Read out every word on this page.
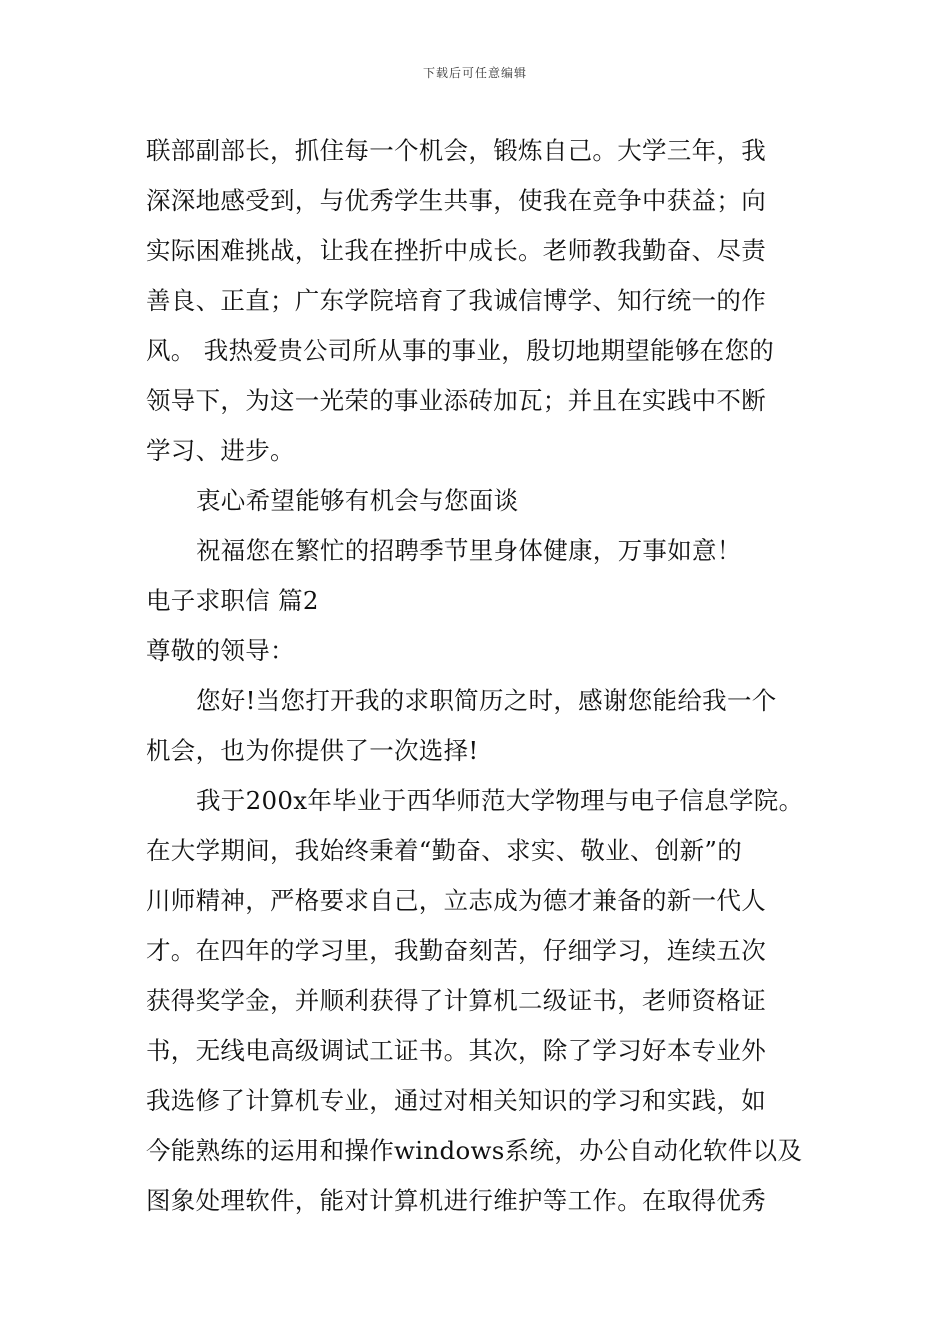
下载后可任意编辑
联部副部长，抓住每一个机会，锻炼自己。大学三年，我
深深地感受到，与优秀学生共事，使我在竞争中获益；向
实际困难挑战，让我在挫折中成长。老师教我勤奋、尽责
善良、正直；广东学院培育了我诚信博学、知行统一的作
风。 我热爱贵公司所从事的事业，殷切地期望能够在您的
领导下，为这一光荣的事业添砖加瓦；并且在实践中不断
学习、进步。
衷心希望能够有机会与您面谈
祝福您在繁忙的招聘季节里身体健康，万事如意！
电子求职信 篇2
尊敬的领导：
您好!当您打开我的求职简历之时，感谢您能给我一个
机会，也为你提供了一次选择!
我于200x年毕业于西华师范大学物理与电子信息学院。
在大学期间，我始终秉着“勤奋、求实、敬业、创新”的
川师精神，严格要求自己，立志成为德才兼备的新一代人
才。在四年的学习里，我勤奋刻苦，仔细学习，连续五次
获得奖学金，并顺利获得了计算机二级证书，老师资格证
书，无线电高级调试工证书。其次，除了学习好本专业外
我选修了计算机专业，通过对相关知识的学习和实践，如
今能熟练的运用和操作windows系统，办公自动化软件以及
图象处理软件，能对计算机进行维护等工作。在取得优秀
